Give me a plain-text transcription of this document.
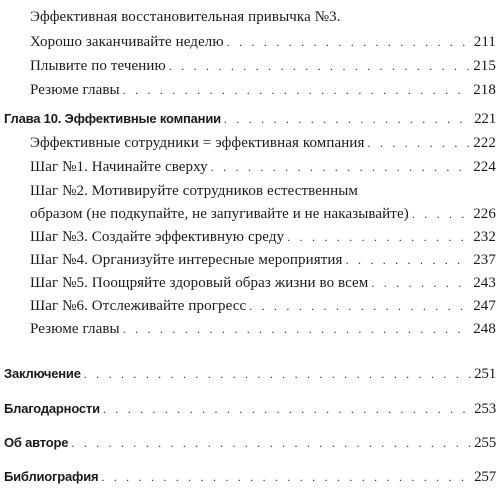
Эффективная восстановительная привычка №3.
Хорошо заканчивайте неделю . . .	211
Плывите по течению . . .	215
Резюме главы . . .	218
Глава 10. Эффективные компании . . .	221
Эффективные сотрудники = эффективная компания . . .	222
Шаг №1. Начинайте сверху . . .	224
Шаг №2. Мотивируйте сотрудников естественным
образом (не подкупайте, не запугивайте и не наказывайте) . . .	226
Шаг №3. Создайте эффективную среду . . .	232
Шаг №4. Организуйте интересные мероприятия . . .	237
Шаг №5. Поощряйте здоровый образ жизни во всем . . .	243
Шаг №6. Отслеживайте прогресс . . .	247
Резюме главы . . .	248
Заключение . . .	251
Благодарности . . .	253
Об авторе . . .	255
Библиография . . .	257
